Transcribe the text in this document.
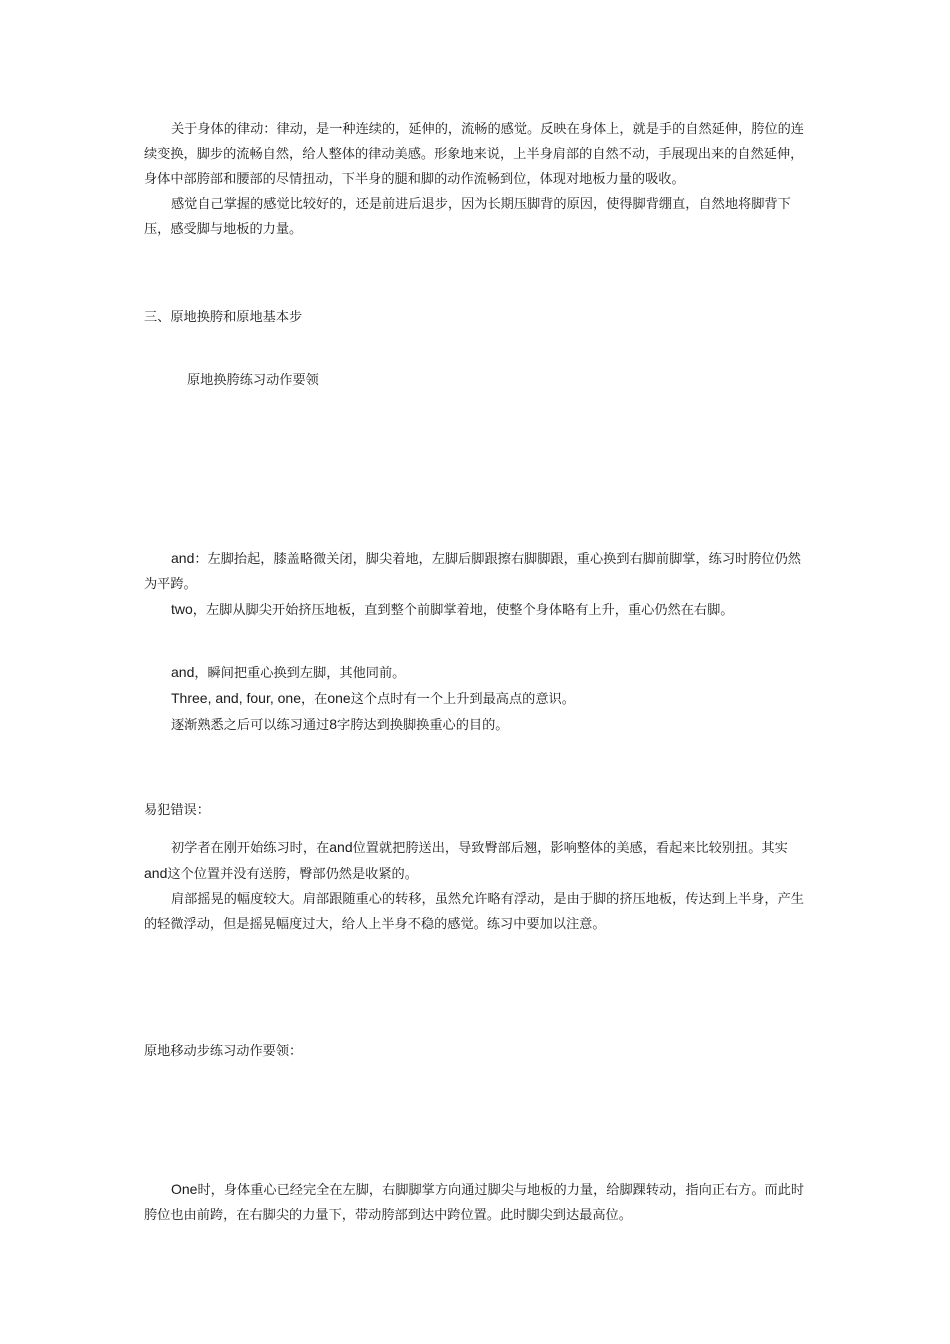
关于身体的律动：律动，是一种连续的，延伸的，流畅的感觉。反映在身体上，就是手的自然延伸，胯位的连续变换，脚步的流畅自然，给人整体的律动美感。形象地来说，上半身肩部的自然不动，手展现出来的自然延伸，身体中部胯部和腰部的尽情扭动，下半身的腿和脚的动作流畅到位，体现对地板力量的吸收。

感觉自己掌握的感觉比较好的，还是前进后退步，因为长期压脚背的原因，使得脚背绷直，自然地将脚背下压，感受脚与地板的力量。

三、原地换胯和原地基本步
原地换胯练习动作要领

and：左脚抬起，膝盖略微关闭，脚尖着地，左脚后脚跟擦右脚脚跟，重心换到右脚前脚掌，练习时胯位仍然为平跨。

two，左脚从脚尖开始挤压地板，直到整个前脚掌着地，使整个身体略有上升，重心仍然在右脚。

and，瞬间把重心换到左脚，其他同前。

Three, and, four, one，在one这个点时有一个上升到最高点的意识。

逐渐熟悉之后可以练习通过8字胯达到换脚换重心的目的。

易犯错误：

初学者在刚开始练习时，在and位置就把胯送出，导致臀部后翘，影响整体的美感，看起来比较别扭。其实and这个位置并没有送胯，臀部仍然是收紧的。

肩部摇晃的幅度较大。肩部跟随重心的转移，虽然允许略有浮动，是由于脚的挤压地板，传达到上半身，产生的轻微浮动，但是摇晃幅度过大，给人上半身不稳的感觉。练习中要加以注意。

原地移动步练习动作要领：

One时，身体重心已经完全在左脚，右脚脚掌方向通过脚尖与地板的力量，给脚踝转动，指向正右方。而此时胯位也由前跨，在右脚尖的力量下，带动胯部到达中跨位置。此时脚尖到达最高位。
